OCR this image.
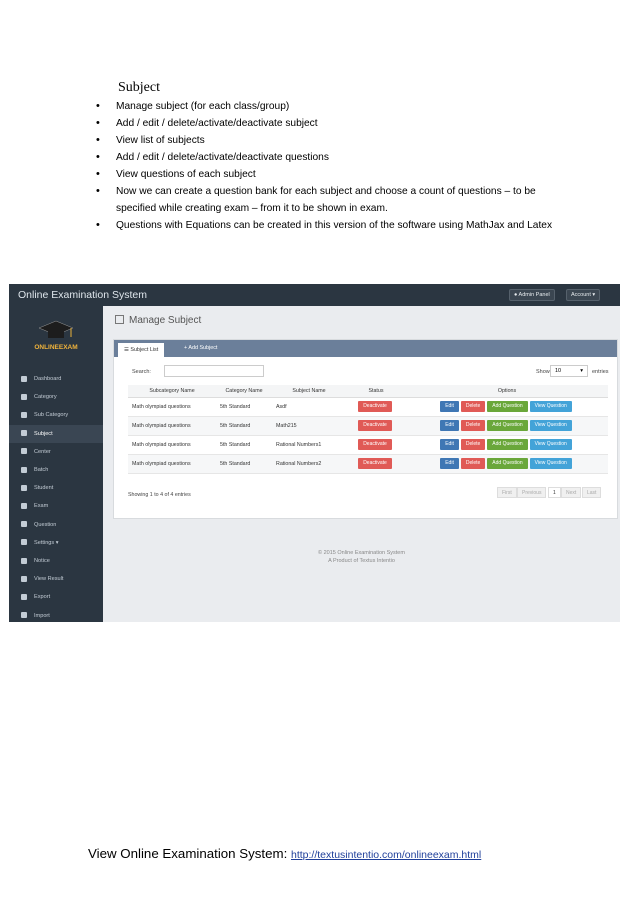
Subject
• Manage subject (for each class/group)
• Add / edit / delete/activate/deactivate subject
• View list of subjects
• Add / edit / delete/activate/deactivate questions
• View questions of each subject
• Now we can create a question bank for each subject and choose a count of questions – to be specified while creating exam – from it to be shown in exam.
• Questions with Equations can be created in this version of the software using MathJax and Latex
Online Examination System	● Admin Panel	Account ▾
ONLINEEXAM
Dashboard
Category
Sub Category
Subject
Center
Batch
Student
Exam
Question
Settings ▾
Notice
View Result
Export
Import
Manage Subject
☰ Subject List	+ Add Subject
Search:	Show 10	▾ entries
Subcategory Name	Category Name	Subject Name	Status	Options
Math olympiad questions	5th Standard	Asdf	Deactivate	Edit Delete Add Question View Question
Math olympiad questions	5th Standard	Math215	Deactivate	Edit Delete Add Question View Question
Math olympiad questions	5th Standard	Rational Numbers1	Deactivate	Edit Delete Add Question View Question
Math olympiad questions	5th Standard	Rational Numbers2	Deactivate	Edit Delete Add Question View Question
Showing 1 to 4 of 4 entries	First	Previous	1	Next	Last
© 2015 Online Examination System
A Product of Textus Intentio
View Online Examination System: http://textusintentio.com/onlineexam.html
